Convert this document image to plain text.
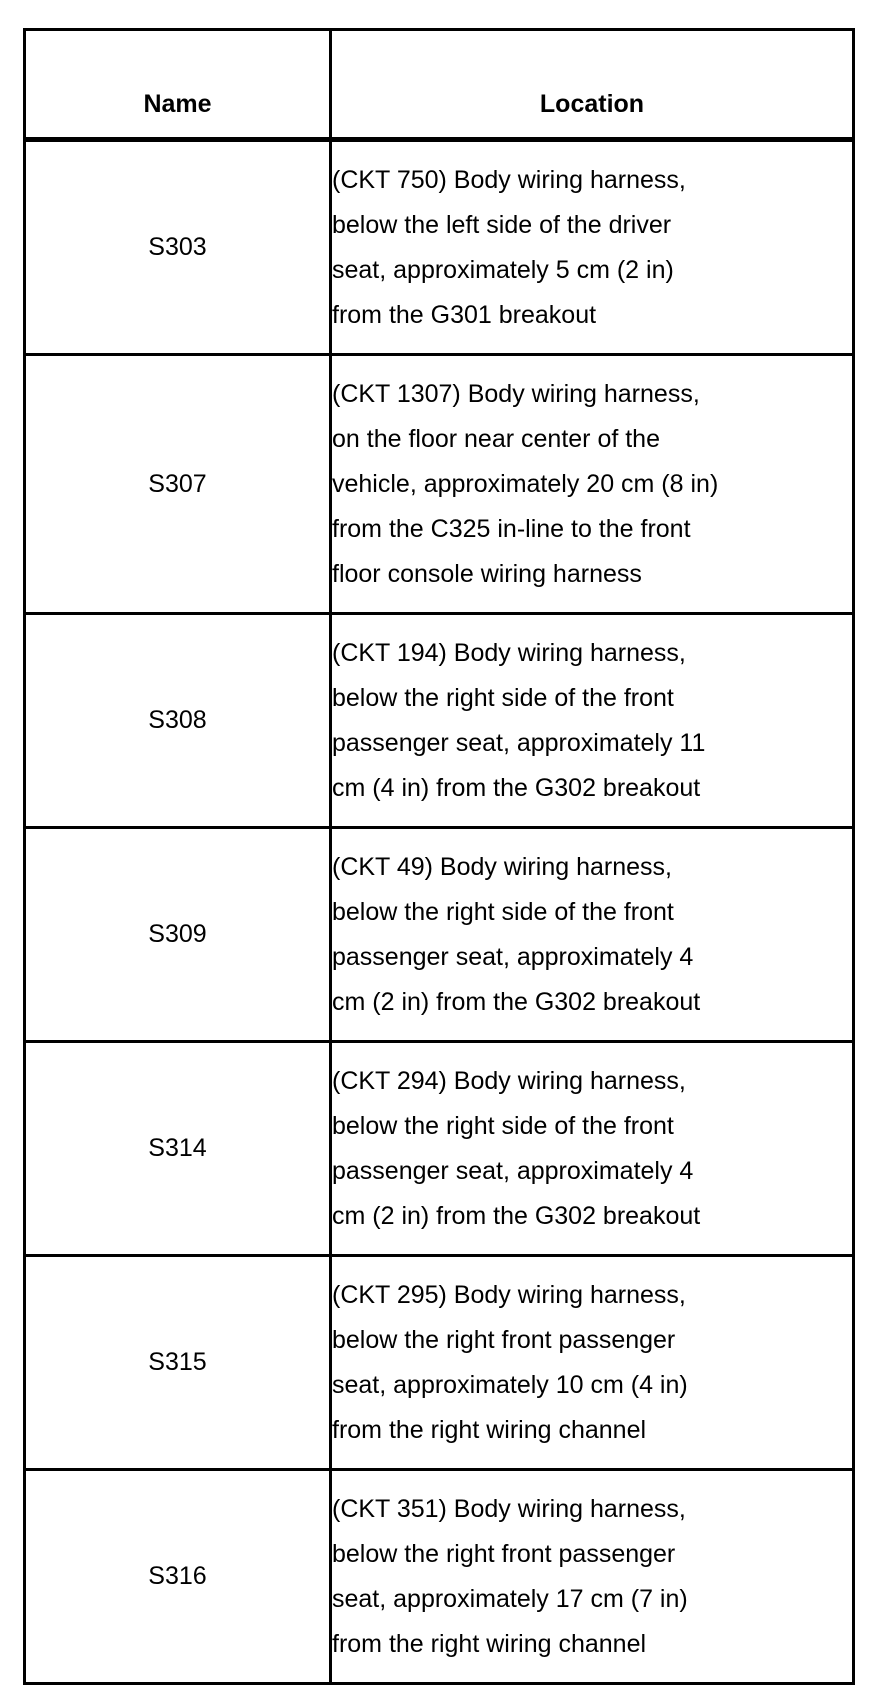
Name	Location
S303	(CKT 750) Body wiring harness,
below the left side of the driver
seat, approximately 5 cm (2 in)
from the G301 breakout

S307	(CKT 1307) Body wiring harness,
on the floor near center of the
vehicle, approximately 20 cm (8 in)
from the C325 in-line to the front
floor console wiring harness

S308	(CKT 194) Body wiring harness,
below the right side of the front
passenger seat, approximately 11
cm (4 in) from the G302 breakout

S309	(CKT 49) Body wiring harness,
below the right side of the front
passenger seat, approximately 4
cm (2 in) from the G302 breakout

S314	(CKT 294) Body wiring harness,
below the right side of the front
passenger seat, approximately 4
cm (2 in) from the G302 breakout

S315	(CKT 295) Body wiring harness,
below the right front passenger
seat, approximately 10 cm (4 in)
from the right wiring channel

S316	(CKT 351) Body wiring harness,
below the right front passenger
seat, approximately 17 cm (7 in)
from the right wiring channel
